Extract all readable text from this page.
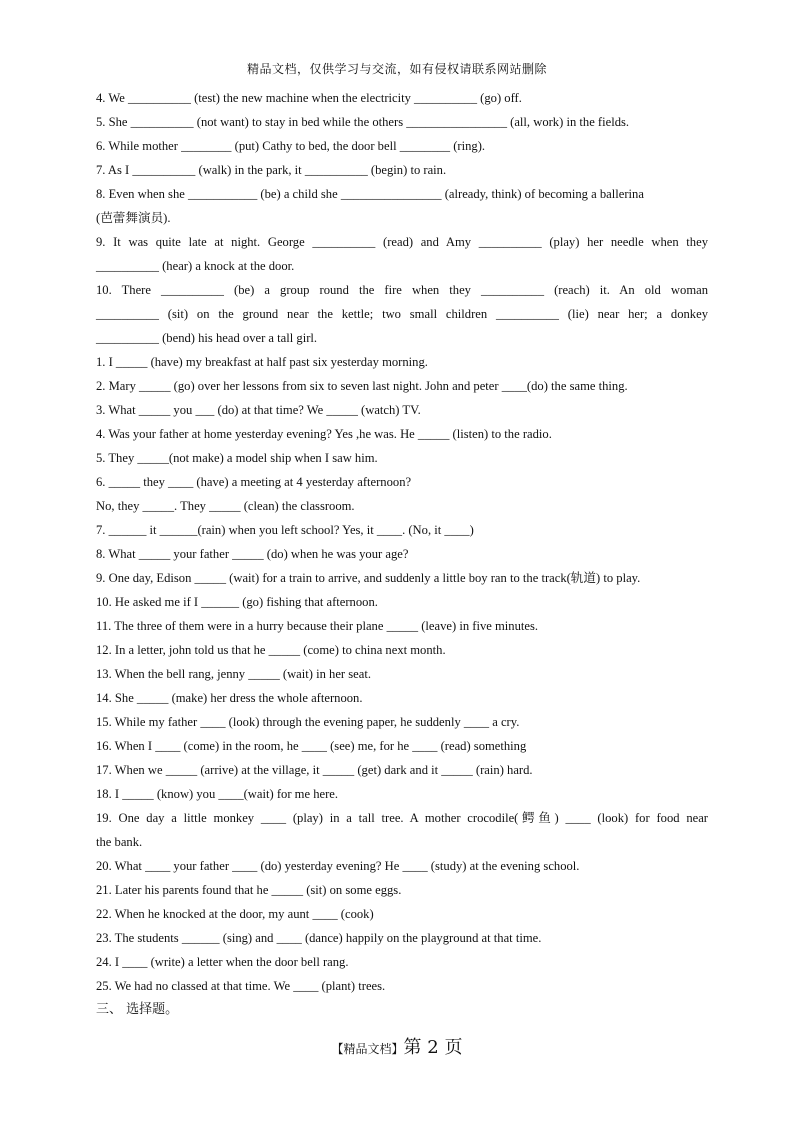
精品文档，仅供学习与交流，如有侵权请联系网站删除
4. We __________ (test) the new machine when the electricity __________ (go) off.
5. She __________ (not want) to stay in bed while the others ________________ (all, work) in the fields.
6. While mother ________ (put) Cathy to bed, the door bell ________ (ring).
7. As I __________ (walk) in the park, it __________ (begin) to rain.
8. Even when she ___________ (be) a child she ________________ (already, think) of becoming a ballerina
(芭蕾舞演员).
9. It was quite late at night. George __________ (read) and Amy __________ (play) her needle when they
__________ (hear) a knock at the door.
10. There __________ (be) a group round the fire when they __________ (reach) it. An old woman
__________ (sit) on the ground near the kettle; two small children __________ (lie) near her; a donkey
__________ (bend) his head over a tall girl.
1. I _____ (have) my breakfast at half past six yesterday morning.
2. Mary _____ (go) over her lessons from six to seven last night. John and peter ____(do) the same thing.
3. What _____ you ___ (do) at that time? We _____ (watch) TV.
4. Was your father at home yesterday evening? Yes ,he was. He _____ (listen) to the radio.
5. They _____(not make) a model ship when I saw him.
6. _____ they ____ (have) a meeting at 4 yesterday afternoon?
No, they _____. They _____ (clean) the classroom.
7. ______ it ______(rain) when you left school? Yes, it ____. (No, it ____)
8. What _____ your father _____ (do) when he was your age?
9. One day, Edison _____ (wait) for a train to arrive, and suddenly a little boy ran to the track(轨道) to play.
10. He asked me if I ______ (go) fishing that afternoon.
11. The three of them were in a hurry because their plane _____ (leave) in five minutes.
12. In a letter, john told us that he _____ (come) to china next month.
13. When the bell rang, jenny _____ (wait) in her seat.
14. She _____ (make) her dress the whole afternoon.
15. While my father ____ (look) through the evening paper, he suddenly ____ a cry.
16. When I ____ (come) in the room, he ____ (see) me, for he ____ (read) something
17. When we _____ (arrive) at the village, it _____ (get) dark and it _____ (rain) hard.
18. I _____ (know) you ____(wait) for me here.
19. One day a little monkey ____ (play) in a tall tree. A mother crocodile(鳄鱼) ____ (look) for food near
the bank.
20. What ____ your father ____ (do) yesterday evening? He ____ (study) at the evening school.
21. Later his parents found that he _____ (sit) on some eggs.
22. When he knocked at the door, my aunt ____ (cook)
23. The students ______ (sing) and ____ (dance) happily on the playground at that time.
24. I ____ (write) a letter when the door bell rang.
25. We had no classed at that time. We ____ (plant) trees.
三、 选择题。
【精品文档】第 2 页
